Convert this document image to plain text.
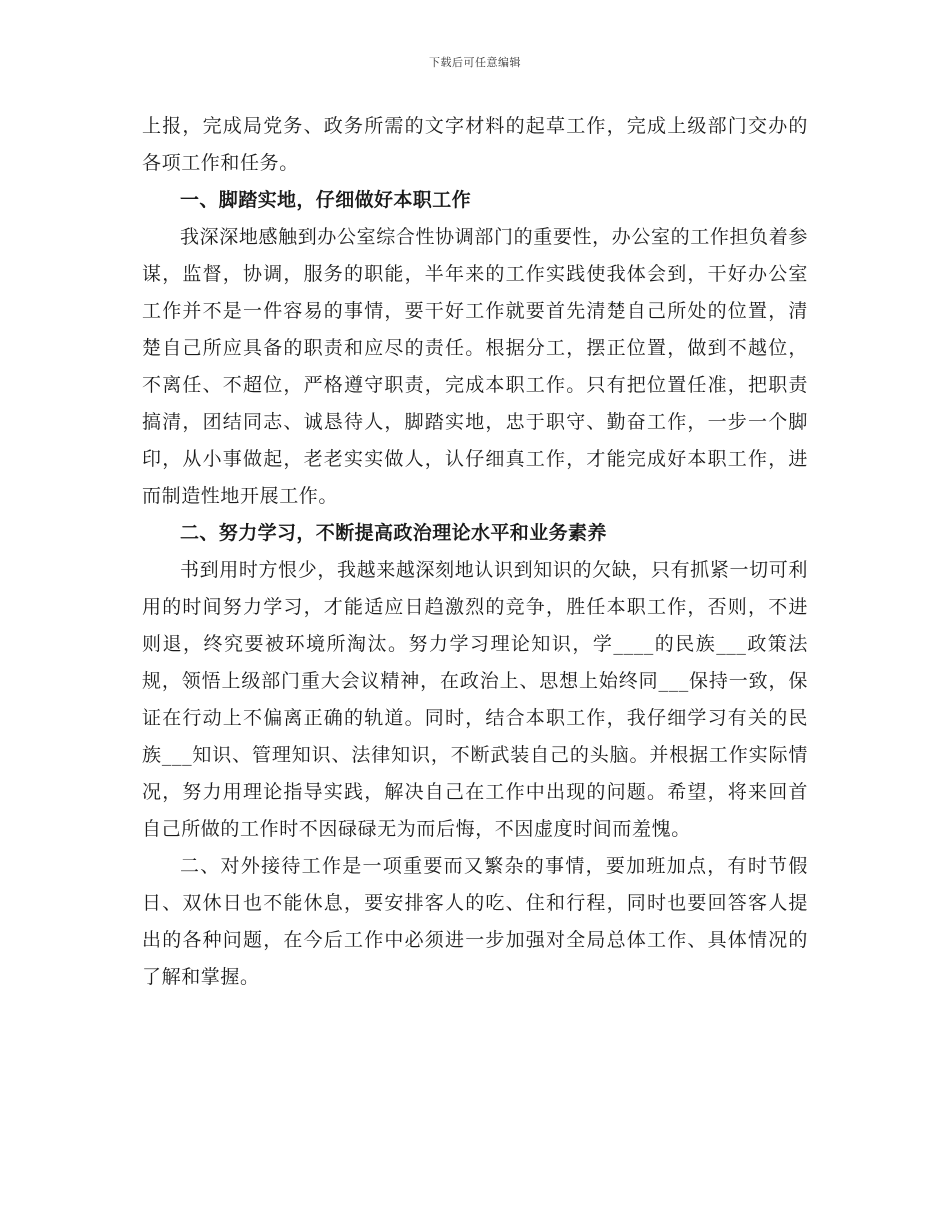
下载后可任意编辑

上报，完成局党务、政务所需的文字材料的起草工作，完成上级部门交办的各项工作和任务。

一、脚踏实地，仔细做好本职工作

我深深地感触到办公室综合性协调部门的重要性，办公室的工作担负着参谋，监督，协调，服务的职能，半年来的工作实践使我体会到，干好办公室工作并不是一件容易的事情，要干好工作就要首先清楚自己所处的位置，清楚自己所应具备的职责和应尽的责任。根据分工，摆正位置，做到不越位，不离任、不超位，严格遵守职责，完成本职工作。只有把位置任准，把职责搞清，团结同志、诚恳待人，脚踏实地，忠于职守、勤奋工作，一步一个脚印，从小事做起，老老实实做人，认仔细真工作，才能完成好本职工作，进而制造性地开展工作。

二、努力学习，不断提高政治理论水平和业务素养

书到用时方恨少，我越来越深刻地认识到知识的欠缺，只有抓紧一切可利用的时间努力学习，才能适应日趋激烈的竞争，胜任本职工作，否则，不进则退，终究要被环境所淘汰。努力学习理论知识，学____的民族___政策法规，领悟上级部门重大会议精神，在政治上、思想上始终同___保持一致，保证在行动上不偏离正确的轨道。同时，结合本职工作，我仔细学习有关的民族___知识、管理知识、法律知识，不断武装自己的头脑。并根据工作实际情况，努力用理论指导实践，解决自己在工作中出现的问题。希望，将来回首自己所做的工作时不因碌碌无为而后悔，不因虚度时间而羞愧。

二、对外接待工作是一项重要而又繁杂的事情，要加班加点，有时节假日、双休日也不能休息，要安排客人的吃、住和行程，同时也要回答客人提出的各种问题，在今后工作中必须进一步加强对全局总体工作、具体情况的了解和掌握。
